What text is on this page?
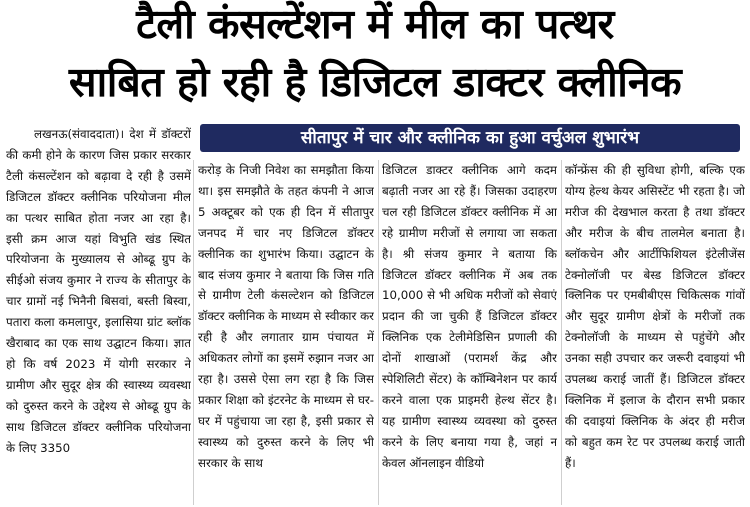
टैली कंसल्टेंशन में मील का पत्थर
साबित हो रही है डिजिटल डाक्टर क्लीनिक
सीतापुर में चार और क्लीनिक का हुआ वर्चुअल शुभारंभ
लखनऊ(संवाददाता)। देश में डॉक्टरों की कमी होने के कारण जिस प्रकार सरकार टैली कंसल्टेंशन को बढ़ावा दे रही है उसमें डिजिटल डॉक्टर क्लीनिक परियोजना मील का पत्थर साबित होता नजर आ रहा है। इसी क्रम आज यहां विभुति खंड स्थित परियोजना के मुख्यालय से ओब्ढू ग्रुप के सीईओ संजय कुमार ने राज्य के सीतापुर के चार ग्रामों नई भिनैनी बिसवां, बस्ती बिस्वा, पतारा कला कमलापुर, इलासिया ग्रांट ब्लॉक खैराबाद का एक साथ उद्घाटन किया। ज्ञात हो कि वर्ष 2023 में योगी सरकार ने ग्रामीण और सुदूर क्षेत्र की स्वास्थ्य व्यवस्था को दुरुस्त करने के उद्देश्य से ओब्ढू ग्रुप के साथ डिजिटल डॉक्टर क्लीनिक परियोजना के लिए 3350
करोड़ के निजी निवेश का समझौता किया था। इस समझौते के तहत कंपनी ने आज 5 अक्टूबर को एक ही दिन में सीतापुर जनपद में चार नए डिजिटल डॉक्टर क्लीनिक का शुभारंभ किया। उद्घाटन के बाद संजय कुमार ने बताया कि जिस गति से ग्रामीण टेली कंसल्टेशन को डिजिटल डॉक्टर क्लीनिक के माध्यम से स्वीकार कर रही है और लगातार ग्राम पंचायत में अधिकतर लोगों का इसमें रुझान नजर आ रहा है। उससे ऐसा लग रहा है कि जिस प्रकार शिक्षा को इंटरनेट के माध्यम से घर-घर में पहुंचाया जा रहा है, इसी प्रकार से स्वास्थ्य को दुरुस्त करने के लिए भी सरकार के साथ
डिजिटल डाक्टर क्लीनिक आगे कदम बढ़ाती नजर आ रहे हैं। जिसका उदाहरण चल रही डिजिटल डॉक्टर क्लीनिक में आ रहे ग्रामीण मरीजों से लगाया जा सकता है। श्री संजय कुमार ने बताया कि डिजिटल डॉक्टर क्लीनिक में अब तक 10,000 से भी अधिक मरीजों को सेवाएं प्रदान की जा चुकी हैं डिजिटल डॉक्टर क्लिनिक एक टेलीमेडिसिन प्रणाली की दोनों शाखाओं (परामर्श केंद्र और स्पेशिलिटी सेंटर) के कॉम्बिनेशन पर कार्य करने वाला एक प्राइमरी हेल्थ सेंटर है। यह ग्रामीण स्वास्थ्य व्यवस्था को दुरुस्त करने के लिए बनाया गया है, जहां न केवल ऑनलाइन वीडियो
कॉन्फ्रेंस की ही सुविधा होगी, बल्कि एक योग्य हेल्थ केयर असिस्टेंट भी रहता है। जो मरीज की देखभाल करता है तथा डॉक्टर और मरीज के बीच तालमेल बनाता है। ब्लॉकचेन और आर्टीफिशियल इंटेलीजेंस टेक्नोलॉजी पर बेस्ड डिजिटल डॉक्टर क्लिनिक पर एमबीबीएस चिकित्सक गांवों और सुदूर ग्रामीण क्षेत्रों के मरीजों तक टेक्नोलॉजी के माध्यम से पहुंचेंगे और उनका सही उपचार कर जरूरी दवाइयां भी उपलब्ध कराई जातीं हैं। डिजिटल डॉक्टर क्लिनिक में इलाज के दौरान सभी प्रकार की दवाइयां क्लिनिक के अंदर ही मरीज को बहुत कम रेट पर उपलब्ध कराई जाती हैं।
